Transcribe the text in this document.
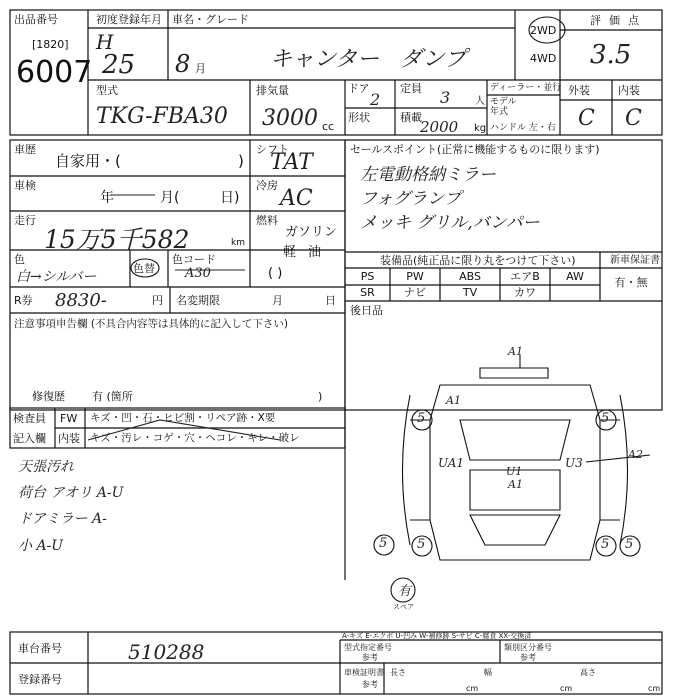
出品番号
[1820]
6007
初度登録年月
H
25 8 月
車名・グレード
キャンター ダンプ
2WD
4WD
評価点
3.5
型式
TKG-FBA30
排気量
3000 cc
ドア
2
定員 3 人
ディーラー・並行
モデル
年式
形状	積載
2000 kg ハンドル 左・右
外装	内装
C C
車歴
自家用・(	)
シフト
TAT
車検
年	月(	日)
冷房
AC
走行
15万5千582	km
燃料
ガソリン
軽 油
( )
色
白→シルバー
色替
色コード
A30
R券 8830-	円 名変期限	月	日
セールスポイント(正常に機能するものに限ります)
左電動格納ミラー
フォグランプ
メッキ グリル,バンパー
装備品(純正品に限り丸をつけて下さい)	新車保証書
PS	PW	ABS	エアB	AW
SR	ナビ	TV	カワ
有・無
後日品
注意事項申告欄 (不具合内容等は具体的に記入して下さい)
修復歴 有 (箇所	)
検査員
記入欄
FW キズ・凹・石・ヒビ割・リペア跡・X要
内装 キズ・汚レ・コゲ・穴・ヘコレ・キレ・破レ
天張汚れ
荷台 アオリ A-U
ドアミラー A-
小 A-U
A1
A1
UA1	U3
A2
A1
U1
5	5
5	5
5	5
有
スペア
A-キズ E-エクボ U-凹み W-補修跡 S-サビ C-腐食 XX-交換済
車台番号	510288
登録番号
型式指定番号
参考
類別区分番号
参考
車検証明書
参考
長さ
cm
幅
cm
高さ
cm
